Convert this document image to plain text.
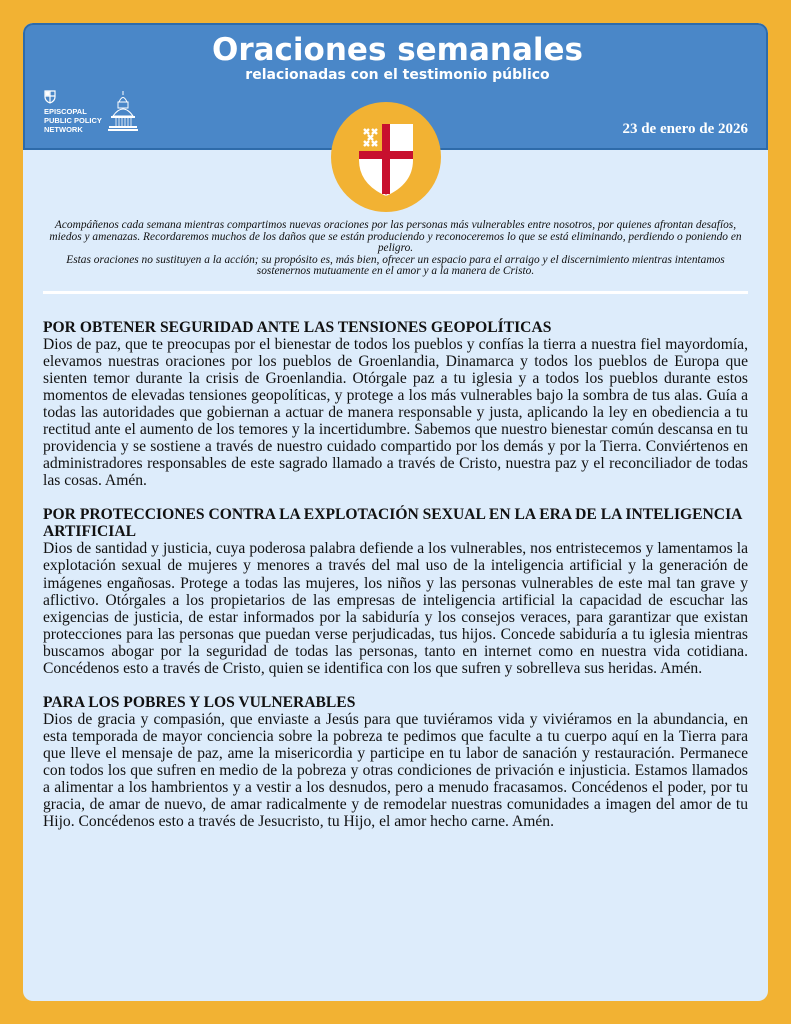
Oraciones semanales
relacionadas con el testimonio público
EPISCOPAL
PUBLIC POLICY
NETWORK	23 de enero de 2026
Acompáñenos cada semana mientras compartimos nuevas oraciones por las personas más vulnerables entre nosotros, por quienes afrontan desafíos, miedos y amenazas. Recordaremos muchos de los daños que se están produciendo y reconoceremos lo que se está eliminando, perdiendo o poniendo en peligro.
Estas oraciones no sustituyen a la acción; su propósito es, más bien, ofrecer un espacio para el arraigo y el discernimiento mientras intentamos sostenernos mutuamente en el amor y a la manera de Cristo.
POR OBTENER SEGURIDAD ANTE LAS TENSIONES GEOPOLÍTICAS

Dios de paz, que te preocupas por el bienestar de todos los pueblos y confías la tierra a nuestra fiel mayordomía, elevamos nuestras oraciones por los pueblos de Groenlandia, Dinamarca y todos los pueblos de Europa que sienten temor durante la crisis de Groenlandia. Otórgale paz a tu iglesia y a todos los pueblos durante estos momentos de elevadas tensiones geopolíticas, y protege a los más vulnerables bajo la sombra de tus alas. Guía a todas las autoridades que gobiernan a actuar de manera responsable y justa, aplicando la ley en obediencia a tu rectitud ante el aumento de los temores y la incertidumbre. Sabemos que nuestro bienestar común descansa en tu providencia y se sostiene a través de nuestro cuidado compartido por los demás y por la Tierra. Conviértenos en administradores responsables de este sagrado llamado a través de Cristo, nuestra paz y el reconciliador de todas las cosas. Amén.

POR PROTECCIONES CONTRA LA EXPLOTACIÓN SEXUAL EN LA ERA DE LA INTELIGENCIA ARTIFICIAL

Dios de santidad y justicia, cuya poderosa palabra defiende a los vulnerables, nos entristecemos y lamentamos la explotación sexual de mujeres y menores a través del mal uso de la inteligencia artificial y la generación de imágenes engañosas. Protege a todas las mujeres, los niños y las personas vulnerables de este mal tan grave y aflictivo. Otórgales a los propietarios de las empresas de inteligencia artificial la capacidad de escuchar las exigencias de justicia, de estar informados por la sabiduría y los consejos veraces, para garantizar que existan protecciones para las personas que puedan verse perjudicadas, tus hijos. Concede sabiduría a tu iglesia mientras buscamos abogar por la seguridad de todas las personas, tanto en internet como en nuestra vida cotidiana. Concédenos esto a través de Cristo, quien se identifica con los que sufren y sobrelleva sus heridas. Amén.

PARA LOS POBRES Y LOS VULNERABLES

Dios de gracia y compasión, que enviaste a Jesús para que tuviéramos vida y viviéramos en la abundancia, en esta temporada de mayor conciencia sobre la pobreza te pedimos que faculte a tu cuerpo aquí en la Tierra para que lleve el mensaje de paz, ame la misericordia y participe en tu labor de sanación y restauración. Permanece con todos los que sufren en medio de la pobreza y otras condiciones de privación e injusticia. Estamos llamados a alimentar a los hambrientos y a vestir a los desnudos, pero a menudo fracasamos. Concédenos el poder, por tu gracia, de amar de nuevo, de amar radicalmente y de remodelar nuestras comunidades a imagen del amor de tu Hijo. Concédenos esto a través de Jesucristo, tu Hijo, el amor hecho carne. Amén.
